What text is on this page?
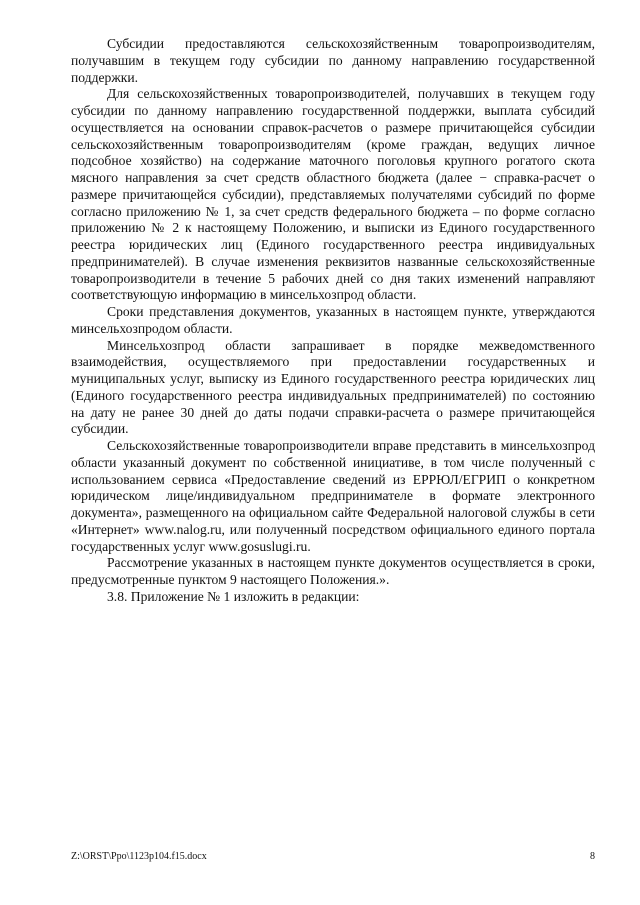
Субсидии предоставляются сельскохозяйственным товаропроизводителям, получавшим в текущем году субсидии по данному направлению государственной поддержки.

Для сельскохозяйственных товаропроизводителей, получавших в текущем году субсидии по данному направлению государственной поддержки, выплата субсидий осуществляется на основании справок-расчетов о размере причитающейся субсидии сельскохозяйственным товаропроизводителям (кроме граждан, ведущих личное подсобное хозяйство) на содержание маточного поголовья крупного рогатого скота мясного направления за счет средств областного бюджета (далее − справка-расчет о размере причитающейся субсидии), представляемых получателями субсидий по форме согласно приложению № 1, за счет средств федерального бюджета – по форме согласно приложению № 2 к настоящему Положению, и выписки из Единого государственного реестра юридических лиц (Единого государственного реестра индивидуальных предпринимателей). В случае изменения реквизитов названные сельскохозяйственные товаропроизводители в течение 5 рабочих дней со дня таких изменений направляют соответствующую информацию в минсельхозпрод области.

Сроки представления документов, указанных в настоящем пункте, утверждаются минсельхозпродом области.

Минсельхозпрод области запрашивает в порядке межведомственного взаимодействия, осуществляемого при предоставлении государственных и муниципальных услуг, выписку из Единого государственного реестра юридических лиц (Единого государственного реестра индивидуальных предпринимателей) по состоянию на дату не ранее 30 дней до даты подачи справки-расчета о размере причитающейся субсидии.

Сельскохозяйственные товаропроизводители вправе представить в минсельхозпрод области указанный документ по собственной инициативе, в том числе полученный с использованием сервиса «Предоставление сведений из ЕРРЮЛ/ЕГРИП о конкретном юридическом лице/индивидуальном предпринимателе в формате электронного документа», размещенного на официальном сайте Федеральной налоговой службы в сети «Интернет» www.nalog.ru, или полученный посредством официального единого портала государственных услуг www.gosuslugi.ru.

Рассмотрение указанных в настоящем пункте документов осуществляется в сроки, предусмотренные пунктом 9 настоящего Положения.».

3.8. Приложение № 1 изложить в редакции:

Z:\ORST\Ppo\1123p104.f15.docx	8
